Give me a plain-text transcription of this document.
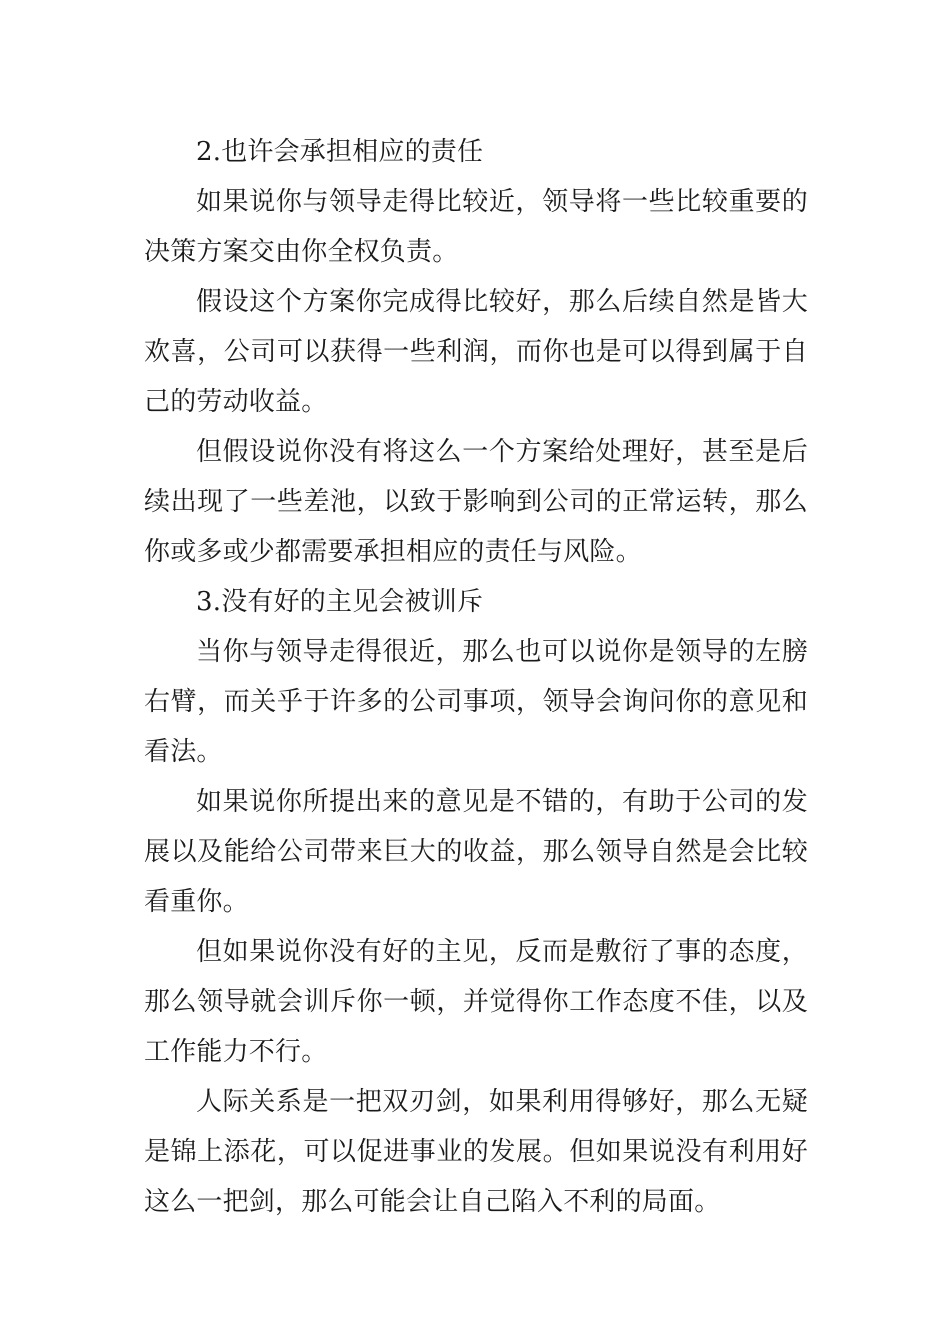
2.也许会承担相应的责任

如果说你与领导走得比较近，领导将一些比较重要的决策方案交由你全权负责。

假设这个方案你完成得比较好，那么后续自然是皆大欢喜，公司可以获得一些利润，而你也是可以得到属于自己的劳动收益。

但假设说你没有将这么一个方案给处理好，甚至是后续出现了一些差池，以致于影响到公司的正常运转，那么你或多或少都需要承担相应的责任与风险。

3.没有好的主见会被训斥

当你与领导走得很近，那么也可以说你是领导的左膀右臂，而关乎于许多的公司事项，领导会询问你的意见和看法。

如果说你所提出来的意见是不错的，有助于公司的发展以及能给公司带来巨大的收益，那么领导自然是会比较看重你。

但如果说你没有好的主见，反而是敷衍了事的态度，那么领导就会训斥你一顿，并觉得你工作态度不佳，以及工作能力不行。

人际关系是一把双刃剑，如果利用得够好，那么无疑是锦上添花，可以促进事业的发展。但如果说没有利用好这么一把剑，那么可能会让自己陷入不利的局面。
